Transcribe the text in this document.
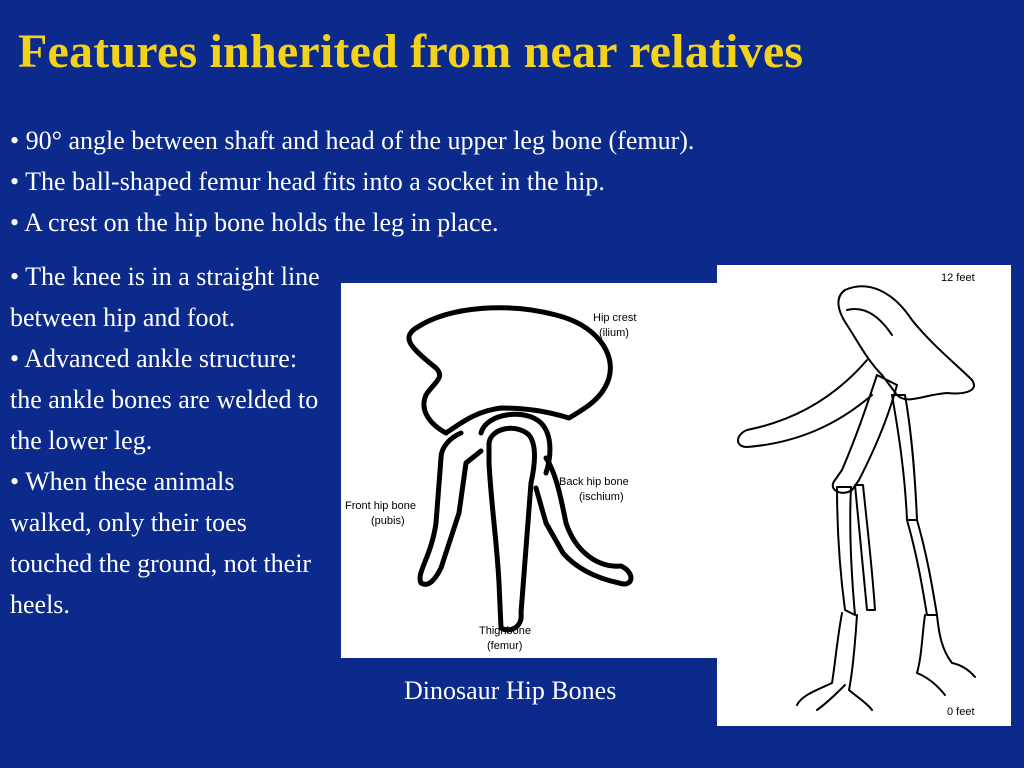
Features inherited from near relatives
• 90° angle between shaft and head of the upper leg bone (femur).
• The ball-shaped femur head fits into a socket in the hip.
• A crest on the hip bone holds the leg in place.
• The knee is in a straight line between hip and foot.
• Advanced ankle structure: the ankle bones are welded to the lower leg.
• When these animals walked, only their toes touched the ground, not their heels.
Hip crest
(ilium)
Back hip bone
(ischium)
Front hip bone
(pubis)
Thighbone
(femur)
Dinosaur Hip Bones
12 feet
0 feet
